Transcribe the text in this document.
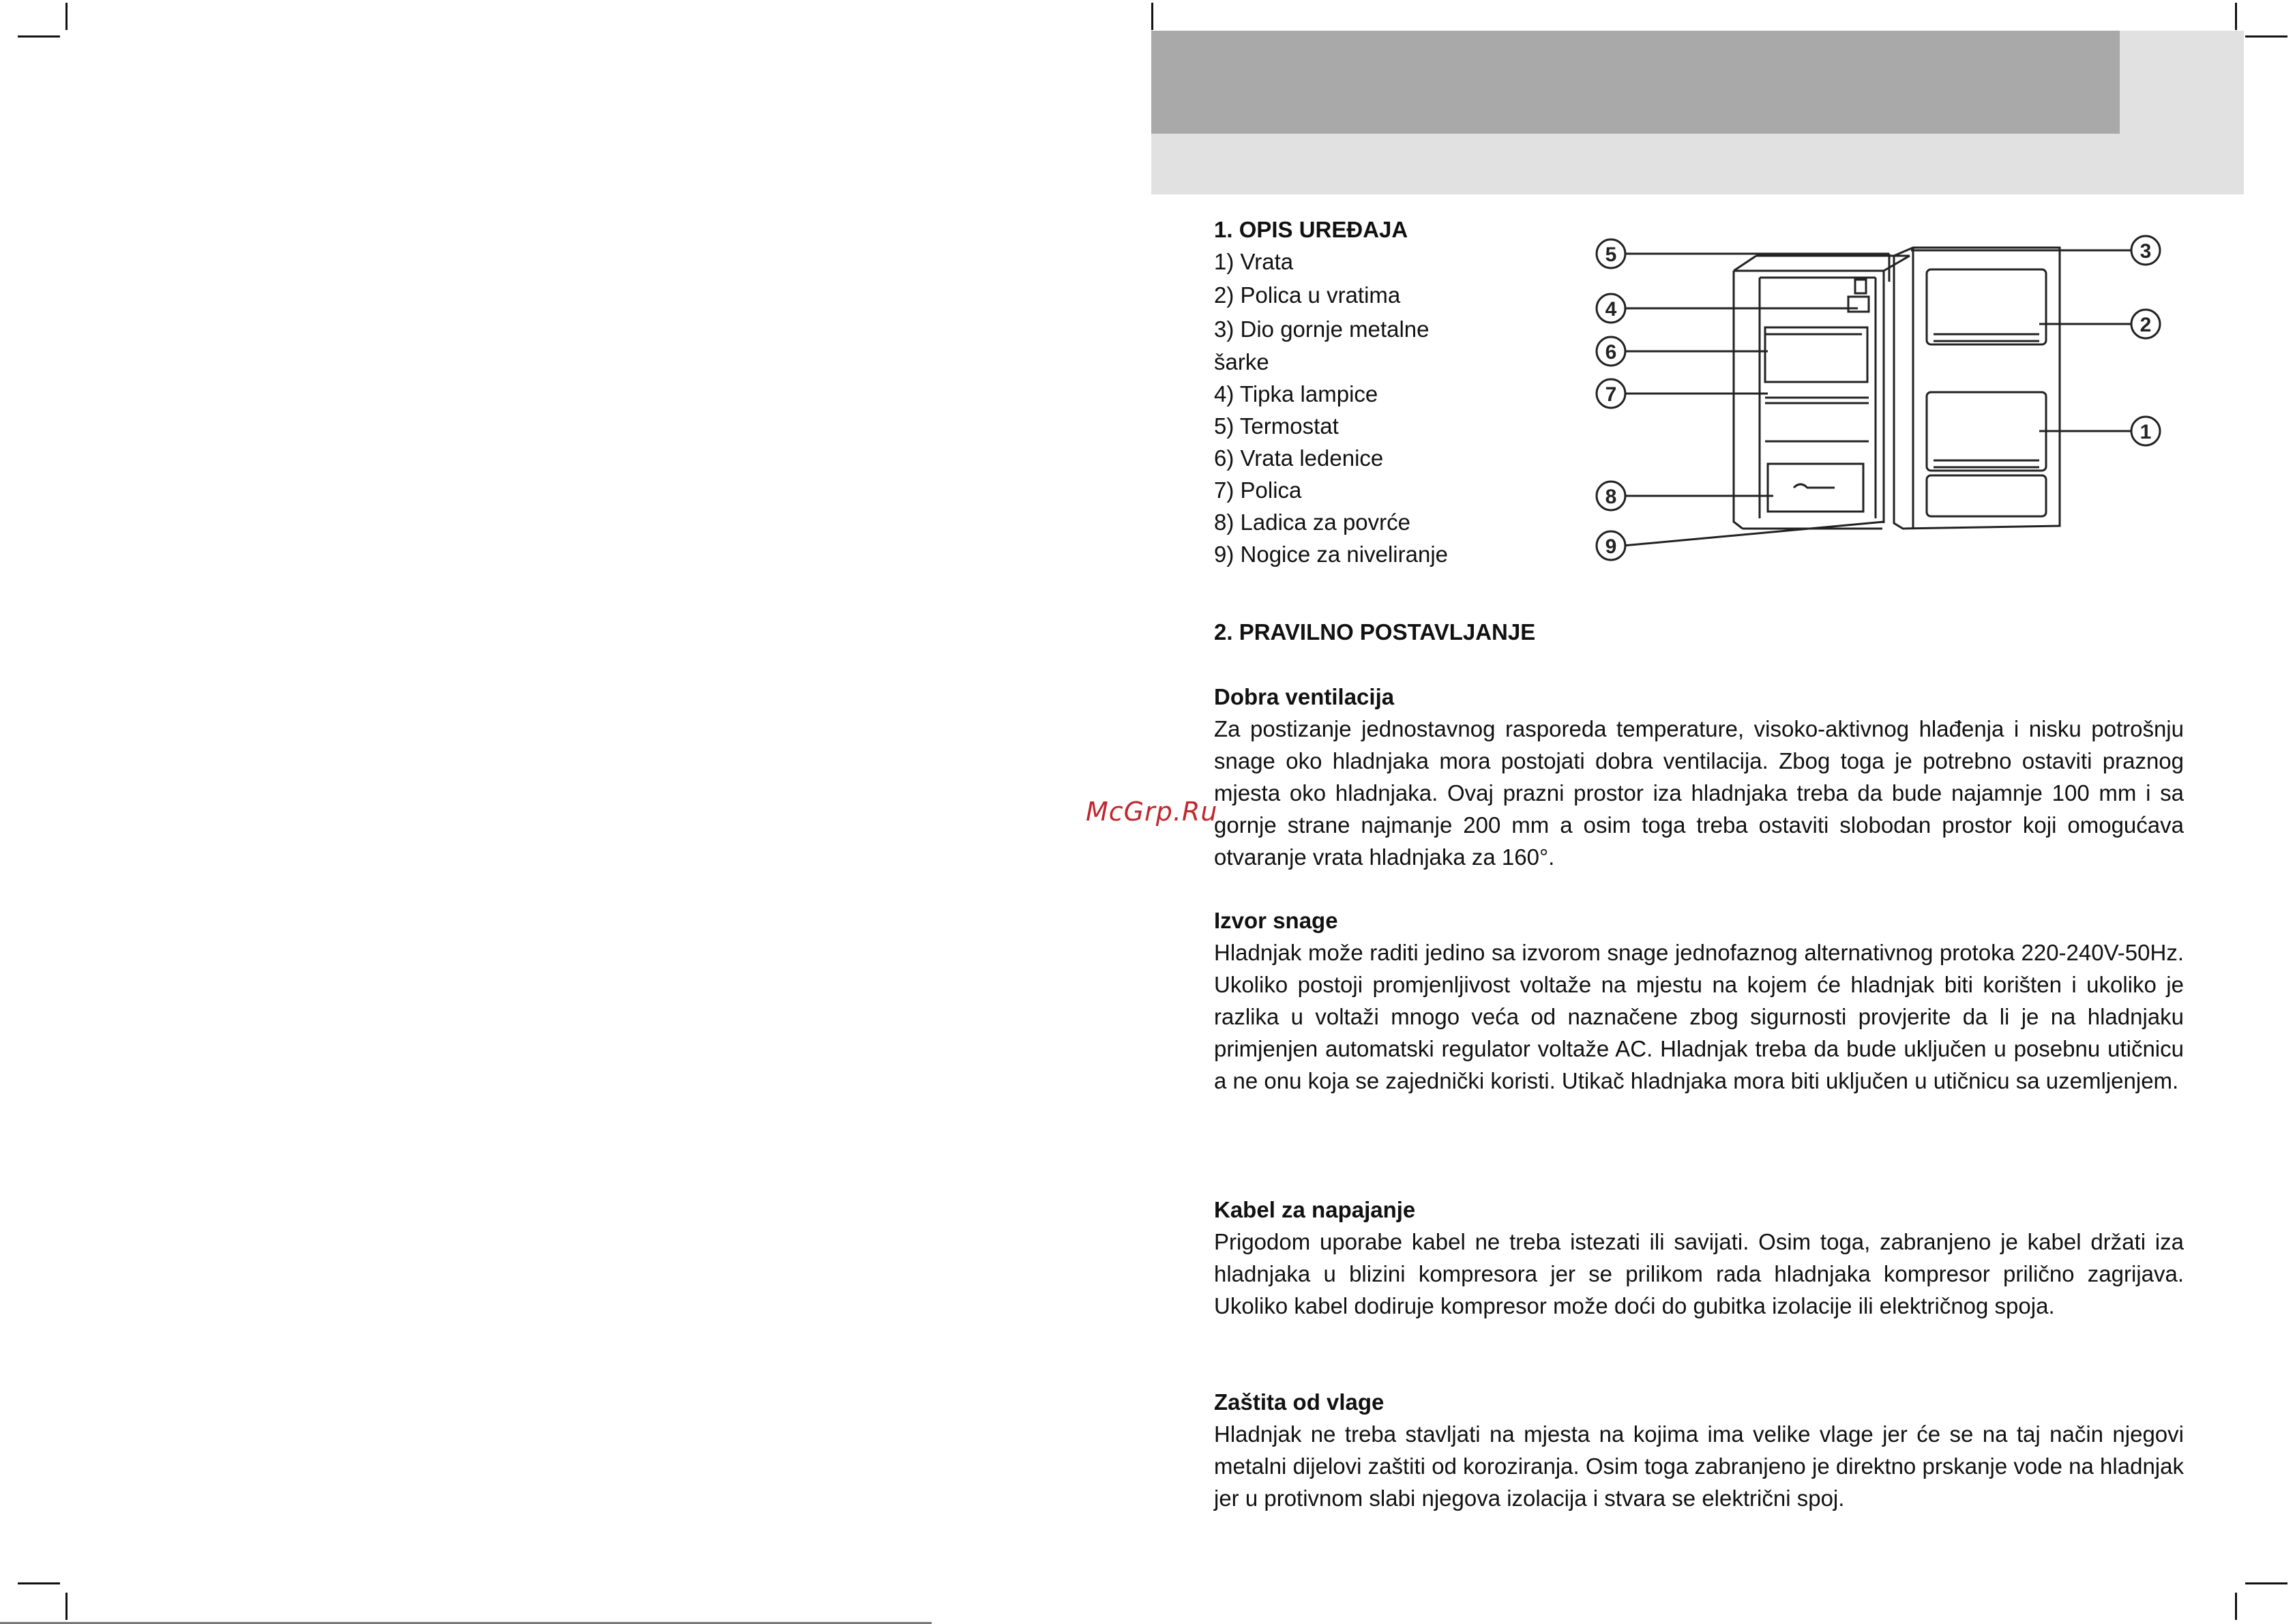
McGrp.Ru
1. OPIS UREĐAJA
1) Vrata
2) Polica u vratima
3) Dio gornje metalne
šarke
4) Tipka lampice
5) Termostat
6) Vrata ledenice
7) Polica
8) Ladica za povrće
9) Nogice za niveliranje
5
4
6
7
8
9
3
2
1
2. PRAVILNO POSTAVLJANJE

Dobra ventilacija

Za postizanje jednostavnog rasporeda temperature, visoko-aktivnog hlađenja i nisku potrošnju snage oko hladnjaka mora postojati dobra ventilacija. Zbog toga je potrebno ostaviti praznog mjesta oko hladnjaka. Ovaj prazni prostor iza hladnjaka treba da bude najamnje 100 mm i sa gornje strane najmanje 200 mm a osim toga treba ostaviti slobodan prostor koji omogućava otvaranje vrata hladnjaka za 160°.

Izvor snage

Hladnjak može raditi jedino sa izvorom snage jednofaznog alternativnog protoka 220-240V-50Hz. Ukoliko postoji promjenljivost voltaže na mjestu na kojem će hladnjak biti korišten i ukoliko je razlika u voltaži mnogo veća od naznačene zbog sigurnosti provjerite da li je na hladnjaku primjenjen automatski regulator voltaže AC. Hladnjak treba da bude uključen u posebnu utičnicu a ne onu koja se zajednički koristi. Utikač hladnjaka mora biti uključen u utičnicu sa uzemljenjem.

Kabel za napajanje

Prigodom uporabe kabel ne treba istezati ili savijati. Osim toga, zabranjeno je kabel držati iza hladnjaka u blizini kompresora jer se prilikom rada hladnjaka kompresor prilično zagrijava. Ukoliko kabel dodiruje kompresor može doći do gubitka izolacije ili električnog spoja.

Zaštita od vlage

Hladnjak ne treba stavljati na mjesta na kojima ima velike vlage jer će se na taj način njegovi metalni dijelovi zaštiti od koroziranja. Osim toga zabranjeno je direktno prskanje vode na hladnjak jer u protivnom slabi njegova izolacija i stvara se električni spoj.
